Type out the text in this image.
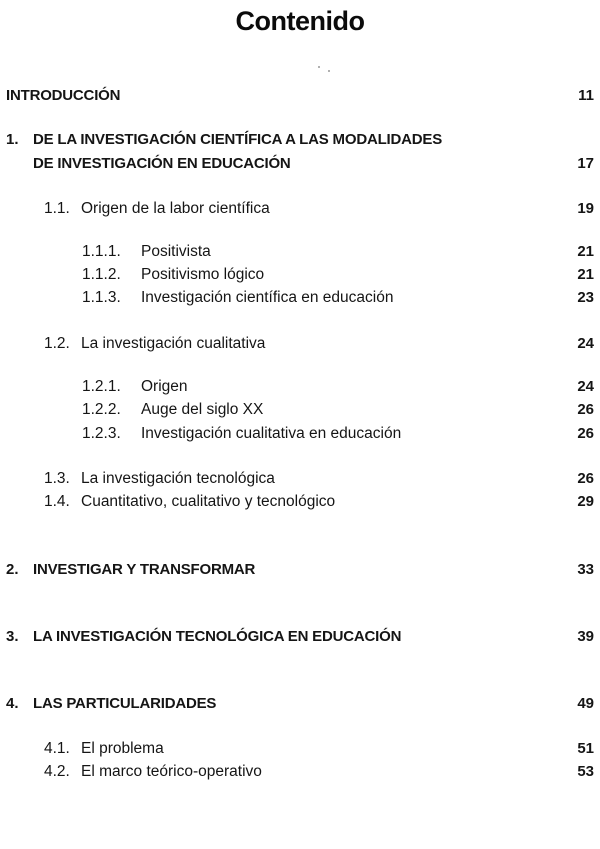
Contenido
INTRODUCCIÓN	11
1. DE LA INVESTIGACIÓN CIENTÍFICA A LAS MODALIDADES
DE INVESTIGACIÓN EN EDUCACIÓN	17
1.1. Origen de la labor científica	19
1.1.1. Positivista	21
1.1.2. Positivismo lógico	21
1.1.3. Investigación científica en educación	23
1.2. La investigación cualitativa	24
1.2.1. Origen	24
1.2.2. Auge del siglo XX	26
1.2.3. Investigación cualitativa en educación	26
1.3. La investigación tecnológica	26
1.4. Cuantitativo, cualitativo y tecnológico	29
2. INVESTIGAR Y TRANSFORMAR	33
3. LA INVESTIGACIÓN TECNOLÓGICA EN EDUCACIÓN	39
4. LAS PARTICULARIDADES	49
4.1. El problema	51
4.2. El marco teórico-operativo	53
